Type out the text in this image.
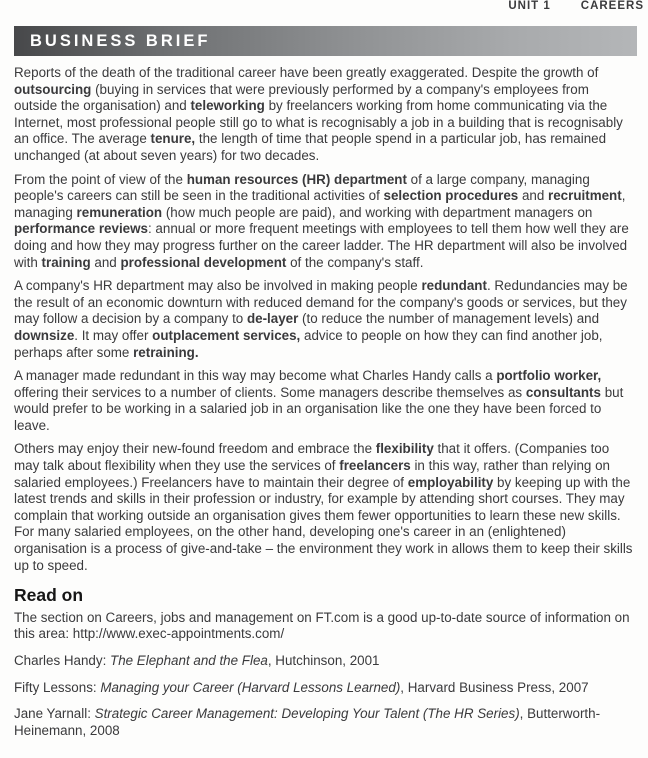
UNIT 1	CAREERS
BUSINESS BRIEF

Reports of the death of the traditional career have been greatly exaggerated. Despite the growth of outsourcing (buying in services that were previously performed by a company's employees from outside the organisation) and teleworking by freelancers working from home communicating via the Internet, most professional people still go to what is recognisably a job in a building that is recognisably an office. The average tenure, the length of time that people spend in a particular job, has remained unchanged (at about seven years) for two decades.

From the point of view of the human resources (HR) department of a large company, managing people's careers can still be seen in the traditional activities of selection procedures and recruitment, managing remuneration (how much people are paid), and working with department managers on performance reviews: annual or more frequent meetings with employees to tell them how well they are doing and how they may progress further on the career ladder. The HR department will also be involved with training and professional development of the company's staff.

A company's HR department may also be involved in making people redundant. Redundancies may be the result of an economic downturn with reduced demand for the company's goods or services, but they may follow a decision by a company to de-layer (to reduce the number of management levels) and downsize. It may offer outplacement services, advice to people on how they can find another job, perhaps after some retraining.

A manager made redundant in this way may become what Charles Handy calls a portfolio worker, offering their services to a number of clients. Some managers describe themselves as consultants but would prefer to be working in a salaried job in an organisation like the one they have been forced to leave.

Others may enjoy their new-found freedom and embrace the flexibility that it offers. (Companies too may talk about flexibility when they use the services of freelancers in this way, rather than relying on salaried employees.) Freelancers have to maintain their degree of employability by keeping up with the latest trends and skills in their profession or industry, for example by attending short courses. They may complain that working outside an organisation gives them fewer opportunities to learn these new skills. For many salaried employees, on the other hand, developing one's career in an (enlightened) organisation is a process of give-and-take – the environment they work in allows them to keep their skills up to speed.

Read on

The section on Careers, jobs and management on FT.com is a good up-to-date source of information on this area: http://www.exec-appointments.com/

Charles Handy: The Elephant and the Flea, Hutchinson, 2001

Fifty Lessons: Managing your Career (Harvard Lessons Learned), Harvard Business Press, 2007

Jane Yarnall: Strategic Career Management: Developing Your Talent (The HR Series), Butterworth-Heinemann, 2008
